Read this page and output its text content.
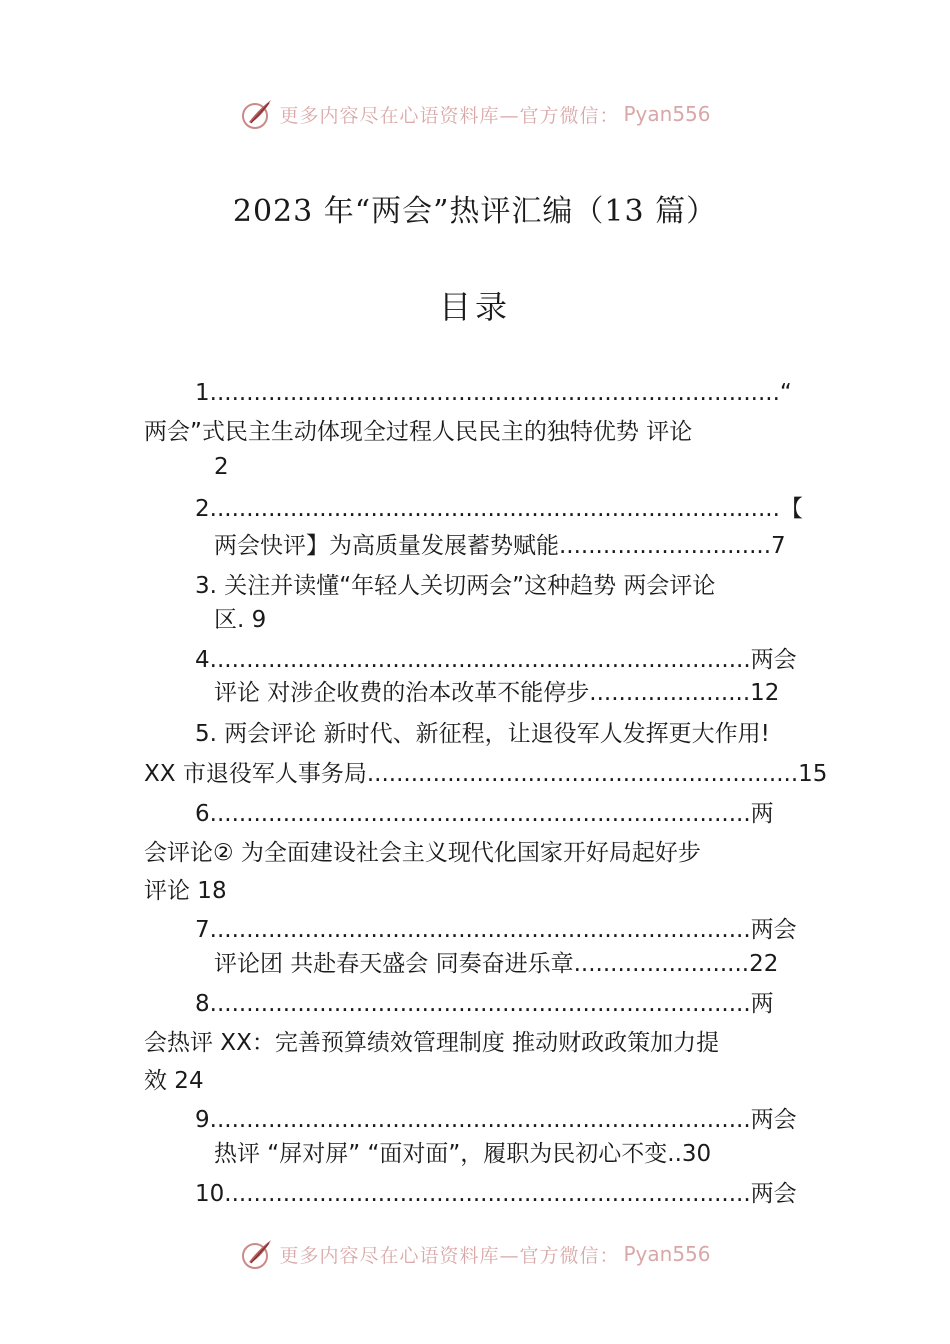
更多内容尽在心语资料库—官方微信： Pyan556
2023 年“两会”热评汇编（13 篇）
目录
1..............................................................................“
两会”式民主生动体现全过程人民民主的独特优势 评论
2
2..............................................................................【
两会快评】为高质量发展蓄势赋能.............................7
3. 关注并读懂“年轻人关切两会”这种趋势 两会评论
区. 9
4..........................................................................两会
评论 对涉企收费的治本改革不能停步......................12
5. 两会评论 新时代、新征程，让退役军人发挥更大作用!
XX 市退役军人事务局...........................................................15
6..........................................................................两
会评论② 为全面建设社会主义现代化国家开好局起好步
评论 18
7..........................................................................两会
评论团 共赴春天盛会 同奏奋进乐章........................22
8..........................................................................两
会热评 XX：完善预算绩效管理制度 推动财政政策加力提
效 24
9..........................................................................两会
热评 “屏对屏” “面对面”，履职为民初心不变..30
10........................................................................两会
更多内容尽在心语资料库—官方微信： Pyan556
